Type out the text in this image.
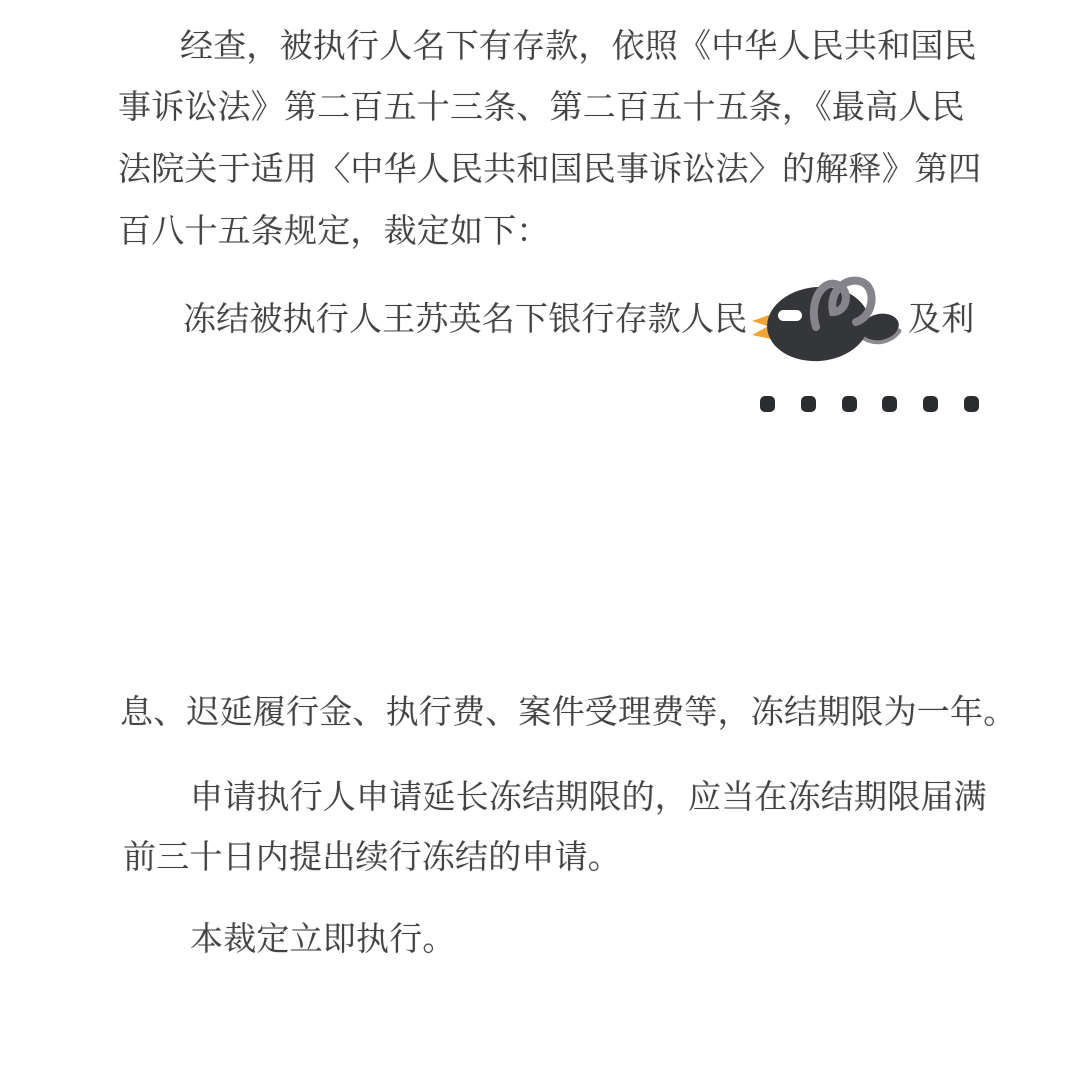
经查，被执行人名下有存款，依照《中华人民共和国民
事诉讼法》第二百五十三条、第二百五十五条，《最高人民
法院关于适用〈中华人民共和国民事诉讼法〉的解释》第四
百八十五条规定，裁定如下：
冻结被执行人王苏英名下银行存款人民	及利
息、迟延履行金、执行费、案件受理费等，冻结期限为一年。
申请执行人申请延长冻结期限的，应当在冻结期限届满
前三十日内提出续行冻结的申请。
本裁定立即执行。
